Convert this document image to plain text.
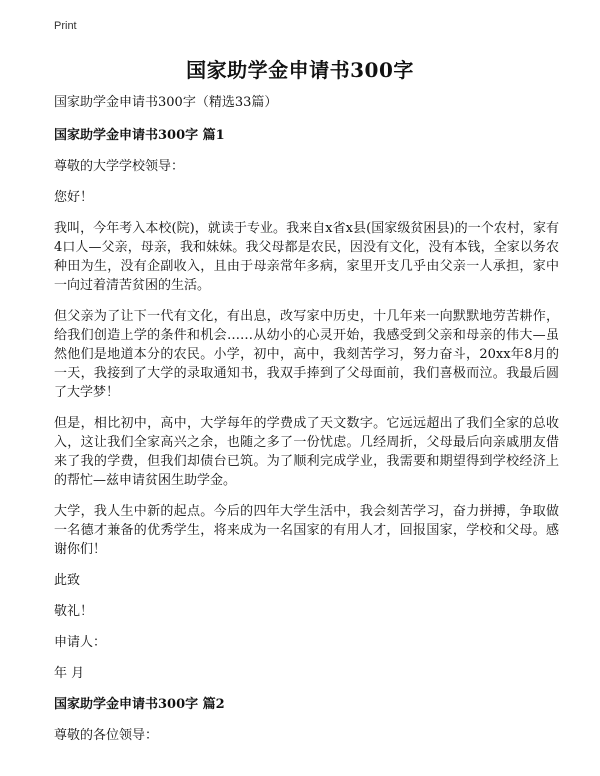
Print
国家助学金申请书300字

国家助学金申请书300字（精选33篇）

国家助学金申请书300字 篇1

尊敬的大学学校领导：

您好！

我叫，今年考入本校(院)，就读于专业。我来自x省x县(国家级贫困县)的一个农村，家有4口人—父亲，母亲，我和妹妹。我父母都是农民，因没有文化，没有本钱，全家以务农种田为生，没有企副收入，且由于母亲常年多病，家里开支几乎由父亲一人承担，家中一向过着清苦贫困的生活。

但父亲为了让下一代有文化，有出息，改写家中历史，十几年来一向默默地劳苦耕作，给我们创造上学的条件和机会……从幼小的心灵开始，我感受到父亲和母亲的伟大—虽然他们是地道本分的农民。小学，初中，高中，我刻苦学习，努力奋斗，20xx年8月的一天，我接到了大学的录取通知书，我双手捧到了父母面前，我们喜极而泣。我最后圆了大学梦！

但是，相比初中，高中，大学每年的学费成了天文数字。它远远超出了我们全家的总收入，这让我们全家高兴之余，也随之多了一份忧虑。几经周折，父母最后向亲戚朋友借来了我的学费，但我们却债台已筑。为了顺利完成学业，我需要和期望得到学校经济上的帮忙—兹申请贫困生助学金。

大学，我人生中新的起点。今后的四年大学生活中，我会刻苦学习，奋力拼搏，争取做一名德才兼备的优秀学生，将来成为一名国家的有用人才，回报国家，学校和父母。感谢你们！

此致

敬礼！

申请人：

年 月

国家助学金申请书300字 篇2

尊敬的各位领导：
